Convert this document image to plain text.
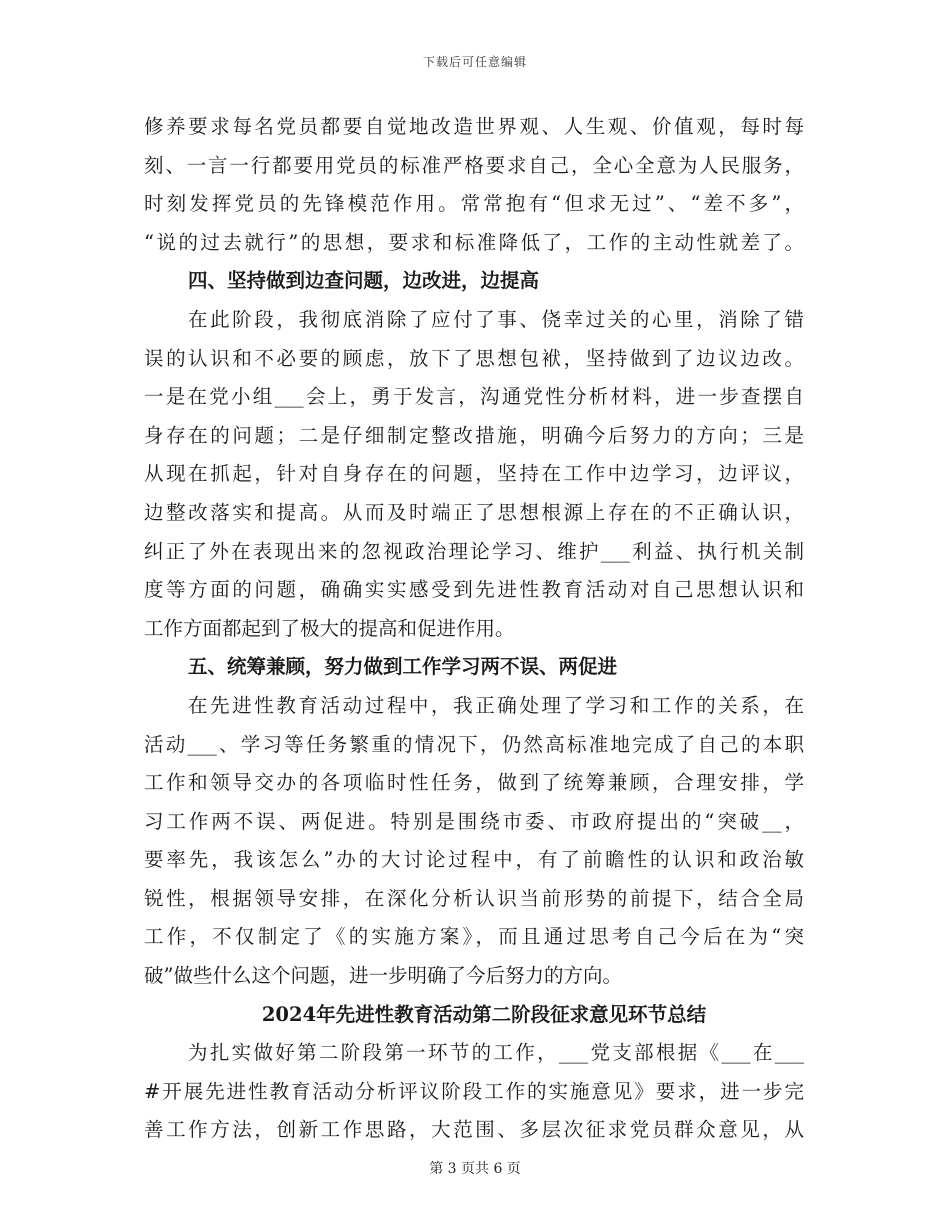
下载后可任意编辑
修养要求每名党员都要自觉地改造世界观、人生观、价值观，每时每
刻、一言一行都要用党员的标准严格要求自己，全心全意为人民服务，
时刻发挥党员的先锋模范作用。常常抱有“但求无过”、“差不多”，
“说的过去就行”的思想，要求和标准降低了，工作的主动性就差了。
四、坚持做到边查问题，边改进，边提高
在此阶段，我彻底消除了应付了事、侥幸过关的心里，消除了错
误的认识和不必要的顾虑，放下了思想包袱，坚持做到了边议边改。
一是在党小组___会上，勇于发言，沟通党性分析材料，进一步查摆自
身存在的问题；二是仔细制定整改措施，明确今后努力的方向；三是
从现在抓起，针对自身存在的问题，坚持在工作中边学习，边评议，
边整改落实和提高。从而及时端正了思想根源上存在的不正确认识，
纠正了外在表现出来的忽视政治理论学习、维护___利益、执行机关制
度等方面的问题，确确实实感受到先进性教育活动对自己思想认识和
工作方面都起到了极大的提高和促进作用。
五、统筹兼顾，努力做到工作学习两不误、两促进
在先进性教育活动过程中，我正确处理了学习和工作的关系，在
活动___、学习等任务繁重的情况下，仍然高标准地完成了自己的本职
工作和领导交办的各项临时性任务，做到了统筹兼顾，合理安排，学
习工作两不误、两促进。特别是围绕市委、市政府提出的“突破__，
要率先，我该怎么”办的大讨论过程中，有了前瞻性的认识和政治敏
锐性，根据领导安排，在深化分析认识当前形势的前提下，结合全局
工作，不仅制定了《的实施方案》，而且通过思考自己今后在为“突
破”做些什么这个问题，进一步明确了今后努力的方向。
2024年先进性教育活动第二阶段征求意见环节总结
为扎实做好第二阶段第一环节的工作，___党支部根据《___在___
#开展先进性教育活动分析评议阶段工作的实施意见》要求，进一步完
善工作方法，创新工作思路，大范围、多层次征求党员群众意见，从
第 3 页共 6 页
